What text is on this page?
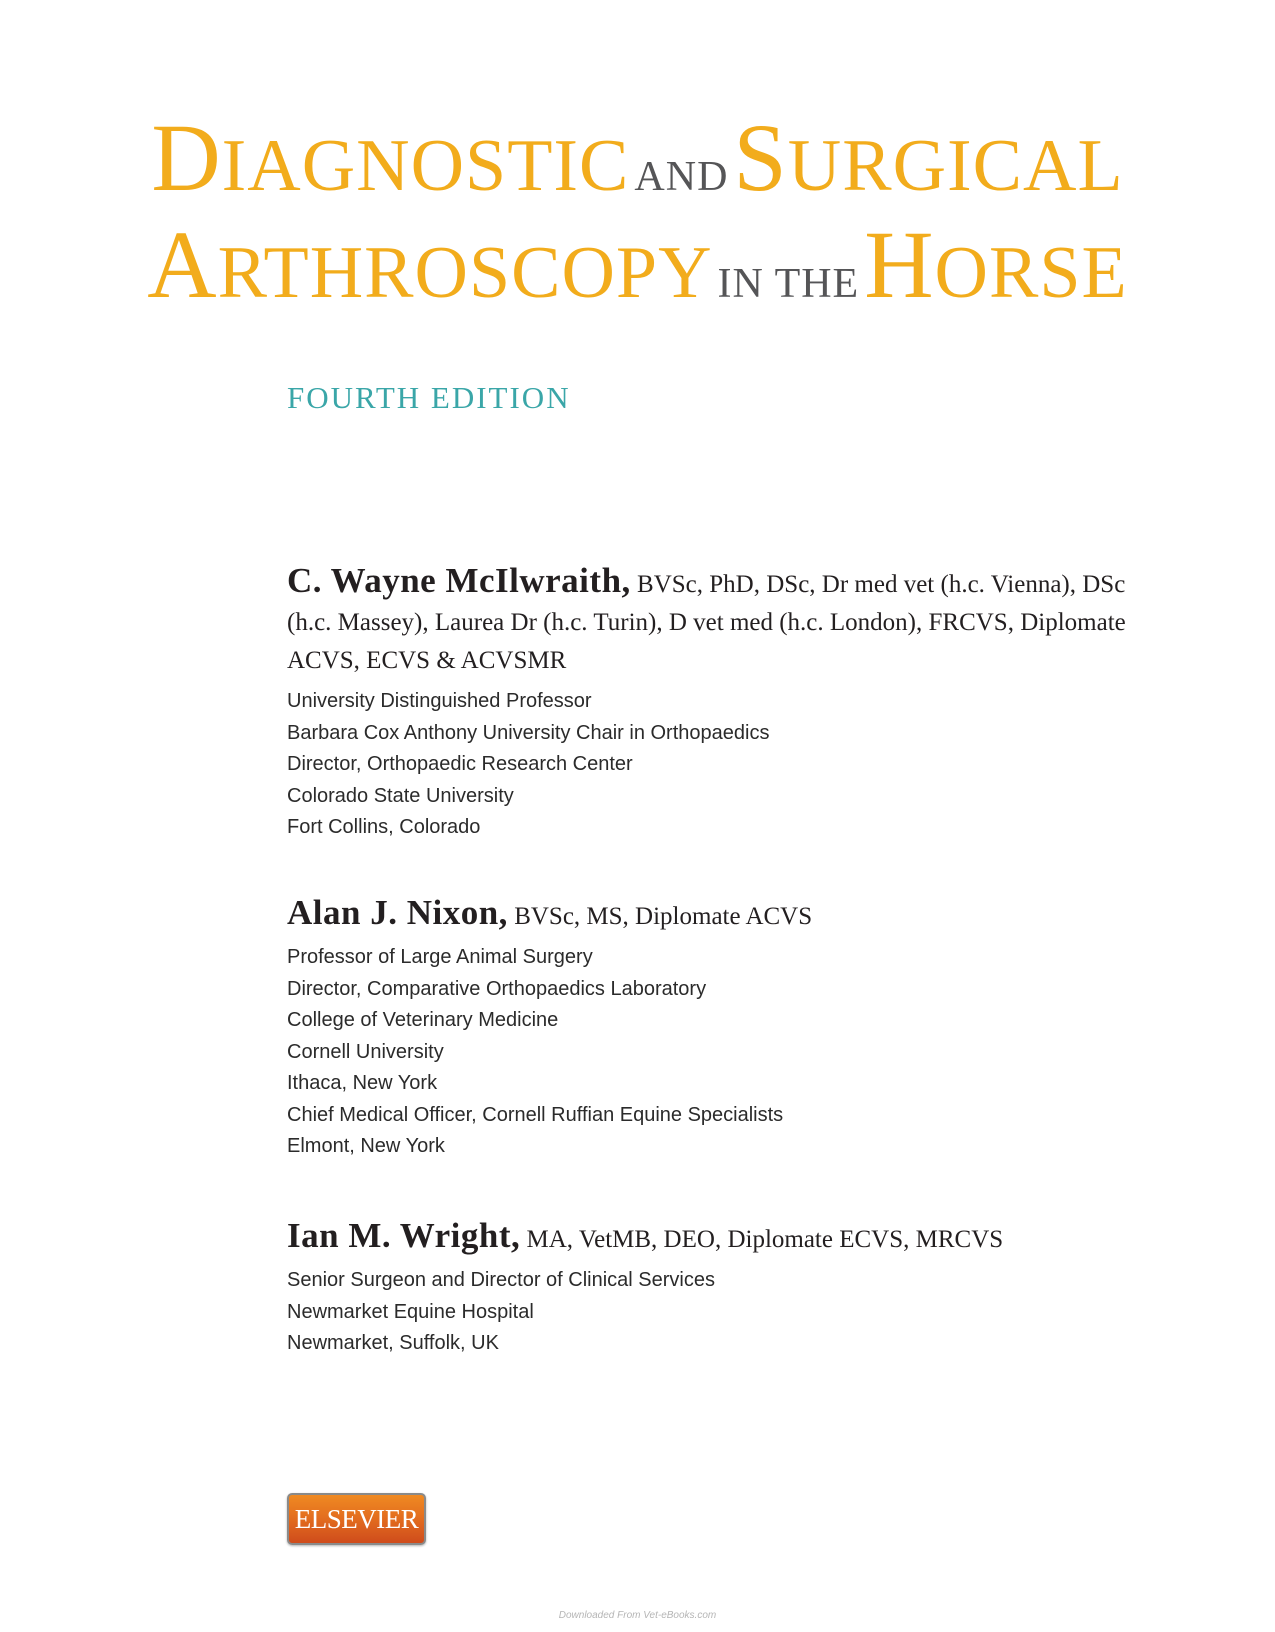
DIAGNOSTIC AND SURGICAL
ARTHROSCOPY IN THE HORSE
FOURTH EDITION
C. Wayne McIlwraith, BVSc, PhD, DSc, Dr med vet (h.c. Vienna), DSc (h.c. Massey), Laurea Dr (h.c. Turin), D vet med (h.c. London), FRCVS, Diplomate ACVS, ECVS & ACVSMR
University Distinguished Professor
Barbara Cox Anthony University Chair in Orthopaedics
Director, Orthopaedic Research Center
Colorado State University
Fort Collins, Colorado
Alan J. Nixon, BVSc, MS, Diplomate ACVS
Professor of Large Animal Surgery
Director, Comparative Orthopaedics Laboratory
College of Veterinary Medicine
Cornell University
Ithaca, New York
Chief Medical Officer, Cornell Ruffian Equine Specialists
Elmont, New York
Ian M. Wright, MA, VetMB, DEO, Diplomate ECVS, MRCVS
Senior Surgeon and Director of Clinical Services
Newmarket Equine Hospital
Newmarket, Suffolk, UK
ELSEVIER
Downloaded From Vet-eBooks.com
